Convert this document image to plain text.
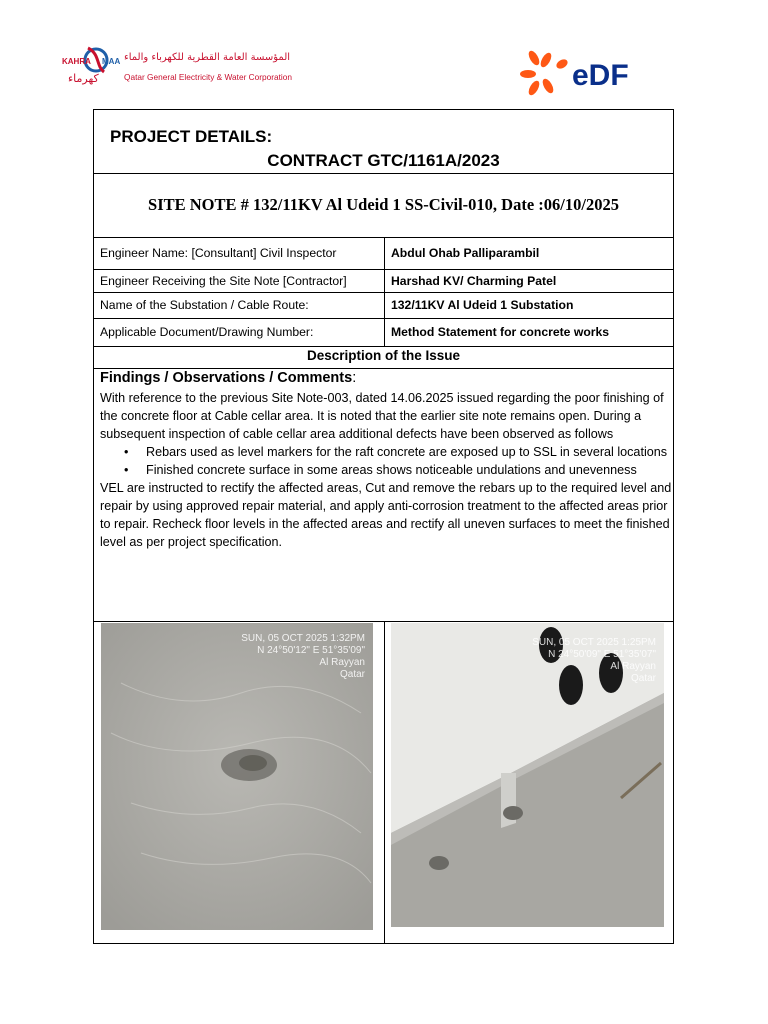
KAHRA MAA
كهرماء
المؤسسة العامة القطرية للكهرباء والماء
Qatar General Electricity & Water Corporation	eDF
PROJECT DETAILS:
CONTRACT GTC/1161A/2023
SITE NOTE # 132/11KV Al Udeid 1 SS-Civil-010, Date :06/10/2025
Engineer Name: [Consultant] Civil Inspector	Abdul Ohab Palliparambil
Engineer Receiving the Site Note [Contractor]	Harshad KV/ Charming Patel
Name of the Substation / Cable Route:	132/11KV Al Udeid 1 Substation
Applicable Document/Drawing Number:	Method Statement for concrete works
Description of the Issue
Findings / Observations / Comments:

With reference to the previous Site Note-003, dated 14.06.2025 issued regarding the poor finishing of the concrete floor at Cable cellar area. It is noted that the earlier site note remains open. During a subsequent inspection of cable cellar area additional defects have been observed as follows

• Rebars used as level markers for the raft concrete are exposed up to SSL in several locations
• Finished concrete surface in some areas shows noticeable undulations and unevenness

VEL are instructed to rectify the affected areas, Cut and remove the rebars up to the required level and repair by using approved repair material, and apply anti-corrosion treatment to the affected areas prior to repair. Recheck floor levels in the affected areas and rectify all uneven surfaces to meet the finished level as per project specification.

SUN, 05 OCT 2025 1:32PM
N 24°50'12" E 51°35'09"
Al Rayyan
Qatar
SUN, 05 OCT 2025 1:25PM
N 24°50'09" E 51°35'07"
Al Rayyan
Qatar
